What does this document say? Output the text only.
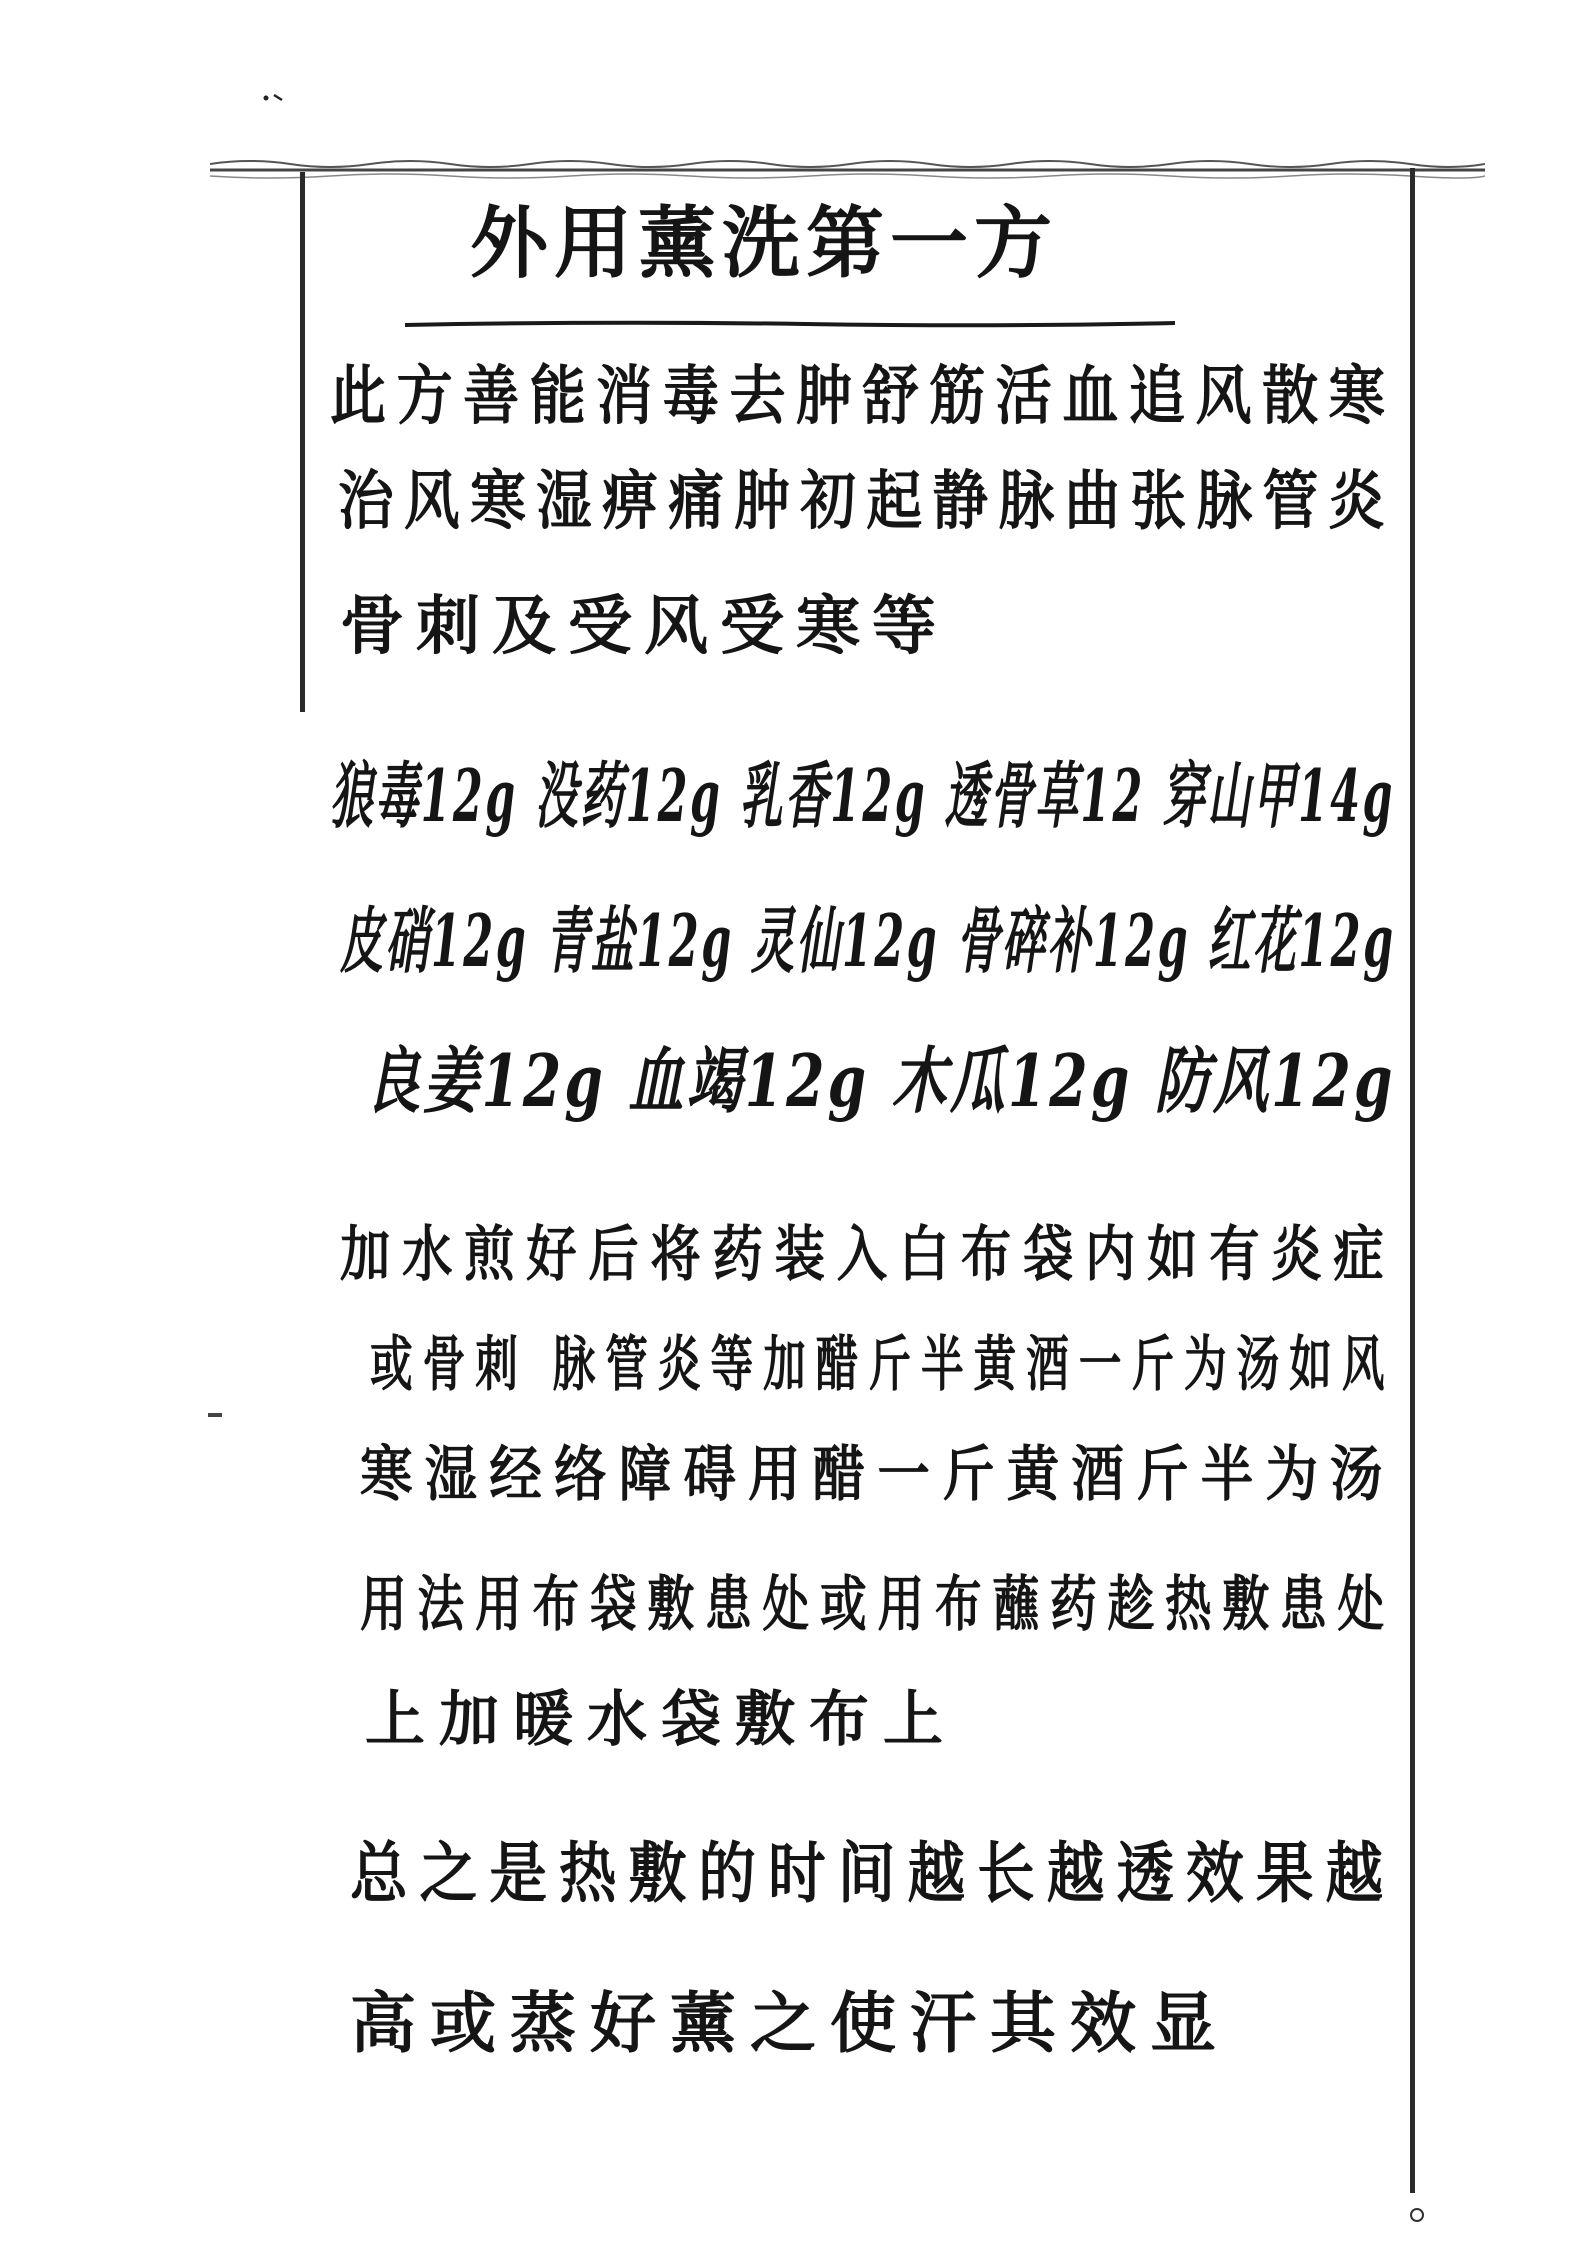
外用薰洗第一方
此方善能消毒去肿舒筋活血追风散寒
治风寒湿痹痛肿初起静脉曲张脉管炎
骨刺及受风受寒等
狼毒12g 没药12g 乳香12g 透骨草12 穿山甲14g
皮硝12g 青盐12g 灵仙12g 骨碎补12g 红花12g
良姜12g 血竭12g 木瓜12g 防风12g
加水煎好后将药装入白布袋内如有炎症
或骨刺 脉管炎等加醋斤半黄酒一斤为汤如风
寒湿经络障碍用醋一斤黄酒斤半为汤
用法用布袋敷患处或用布蘸药趁热敷患处
上加暖水袋敷布上
总之是热敷的时间越长越透效果越
高或蒸好薰之使汗其效显
